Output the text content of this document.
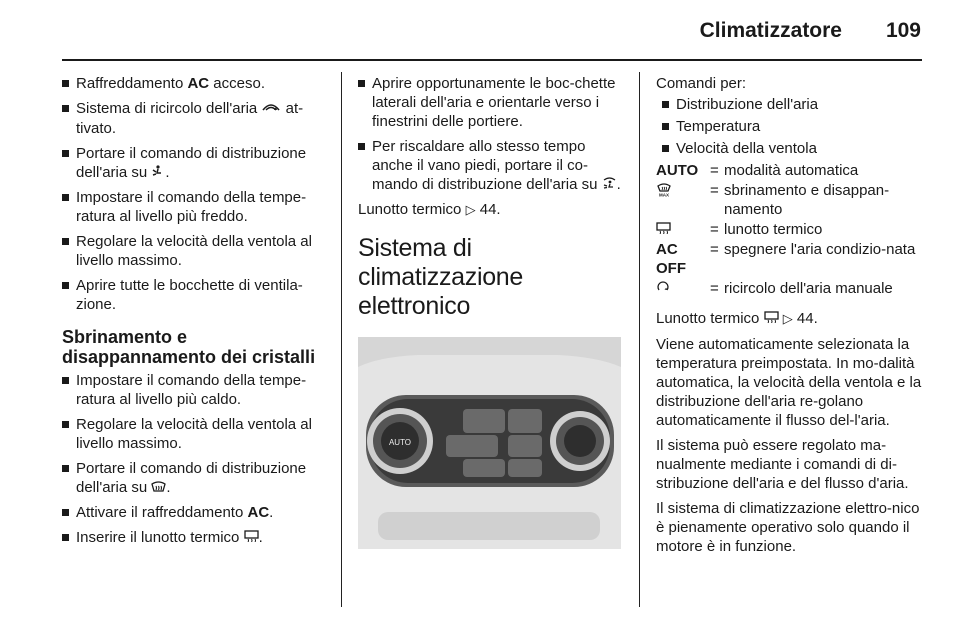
Climatizzatore 109
Raffreddamento AC acceso.
Sistema di ricircolo dell'aria  at-tivato.
Portare il comando di distribuzione dell'aria su .
Impostare il comando della tempe-ratura al livello più freddo.
Regolare la velocità della ventola al livello massimo.
Aprire tutte le bocchette di ventila-zione.
Sbrinamento e disappannamento dei cristalli
Impostare il comando della tempe-ratura al livello più caldo.
Regolare la velocità della ventola al livello massimo.
Portare il comando di distribuzione dell'aria su .
Attivare il raffreddamento AC.
Inserire il lunotto termico .
Aprire opportunamente le boc-chette laterali dell'aria e orientarle verso i finestrini delle portiere.
Per riscaldare allo stesso tempo anche il vano piedi, portare il co-mando di distribuzione dell'aria su .

Lunotto termico ▷ 44.

Sistema di climatizzazione elettronico
AUTO

Comandi per:

Distribuzione dell'aria
Temperatura
Velocità della ventola
AUTO	=	modalità automatica

MAX	=	sbrinamento e disappan-namento
	=	lunotto termico
AC OFF	=	spegnere l'aria condizio-nata
	=	ricircolo dell'aria manuale

Lunotto termico ▷ 44.

Viene automaticamente selezionata la temperatura preimpostata. In mo-dalità automatica, la velocità della ventola e la distribuzione dell'aria re-golano automaticamente il flusso del-l'aria.

Il sistema può essere regolato ma-nualmente mediante i comandi di di-stribuzione dell'aria e del flusso d'aria.

Il sistema di climatizzazione elettro-nico è pienamente operativo solo quando il motore è in funzione.
